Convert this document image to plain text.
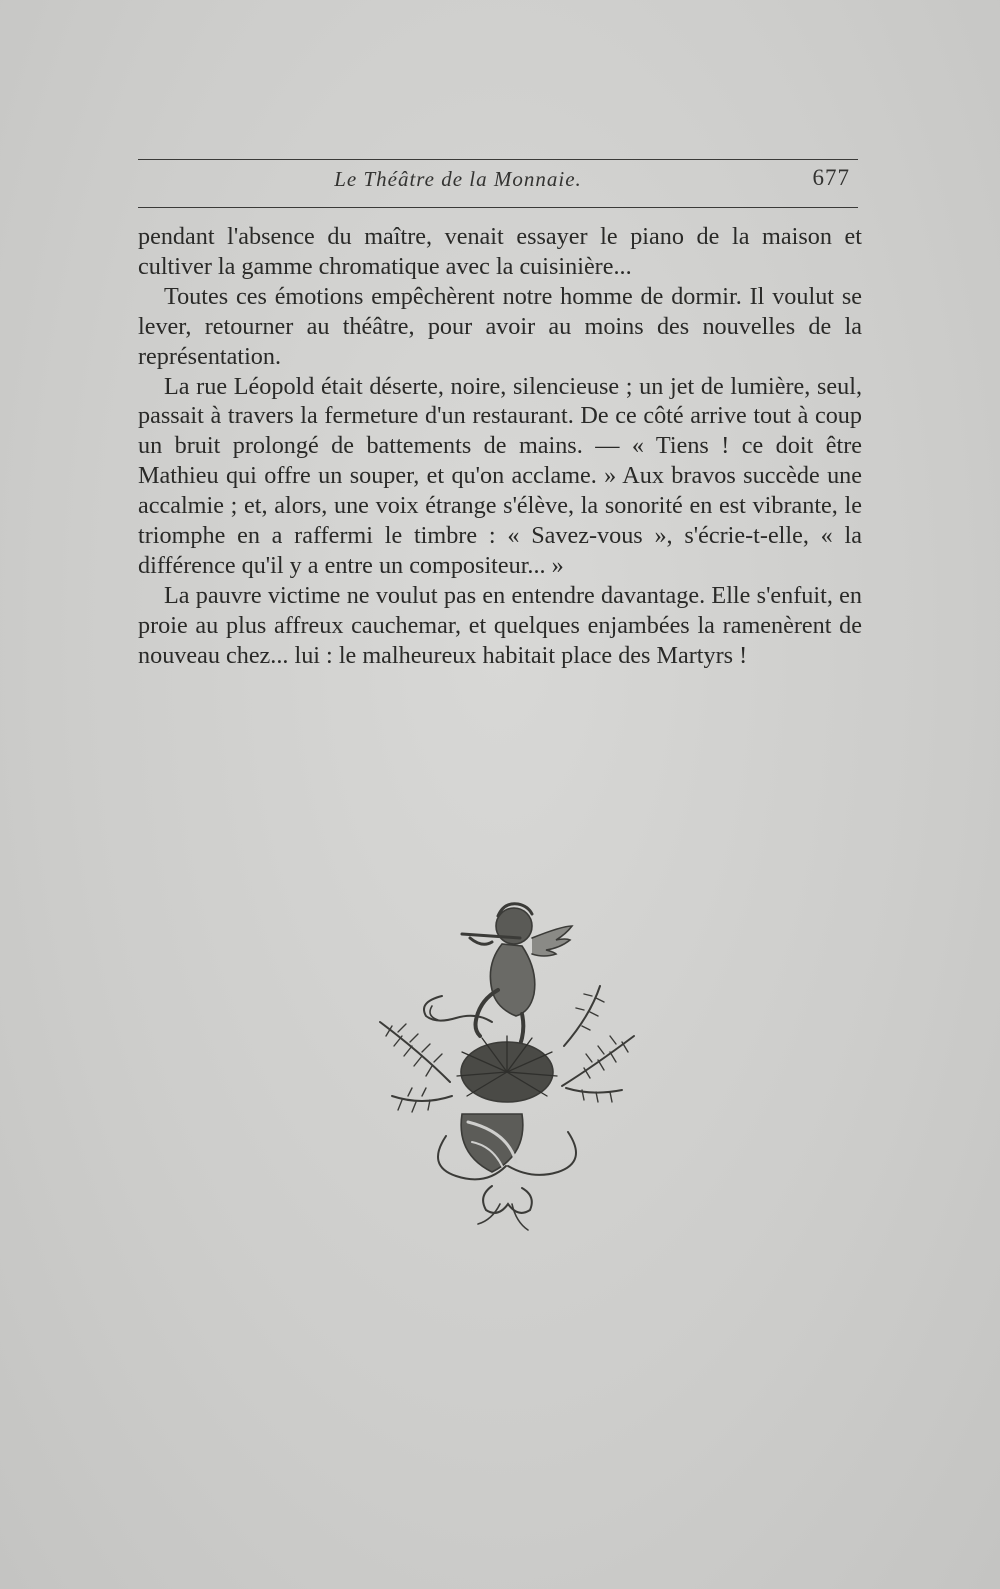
Le Théâtre de la Monnaie.	677

pendant l'absence du maître, venait essayer le piano de la maison et cultiver la gamme chromatique avec la cuisinière...

Toutes ces émotions empêchèrent notre homme de dormir. Il voulut se lever, retourner au théâtre, pour avoir au moins des nouvelles de la représentation.

La rue Léopold était déserte, noire, silencieuse ; un jet de lumière, seul, passait à travers la fermeture d'un restaurant. De ce côté arrive tout à coup un bruit prolongé de battements de mains. — « Tiens ! ce doit être Mathieu qui offre un souper, et qu'on acclame. » Aux bravos succède une accalmie ; et, alors, une voix étrange s'élève, la sonorité en est vibrante, le triomphe en a raffermi le timbre : « Savez-vous », s'écrie-t-elle, « la différence qu'il y a entre un compositeur... »

La pauvre victime ne voulut pas en entendre davantage. Elle s'enfuit, en proie au plus affreux cauchemar, et quelques enjambées la ramenèrent de nouveau chez... lui : le malheureux habitait place des Martyrs !
